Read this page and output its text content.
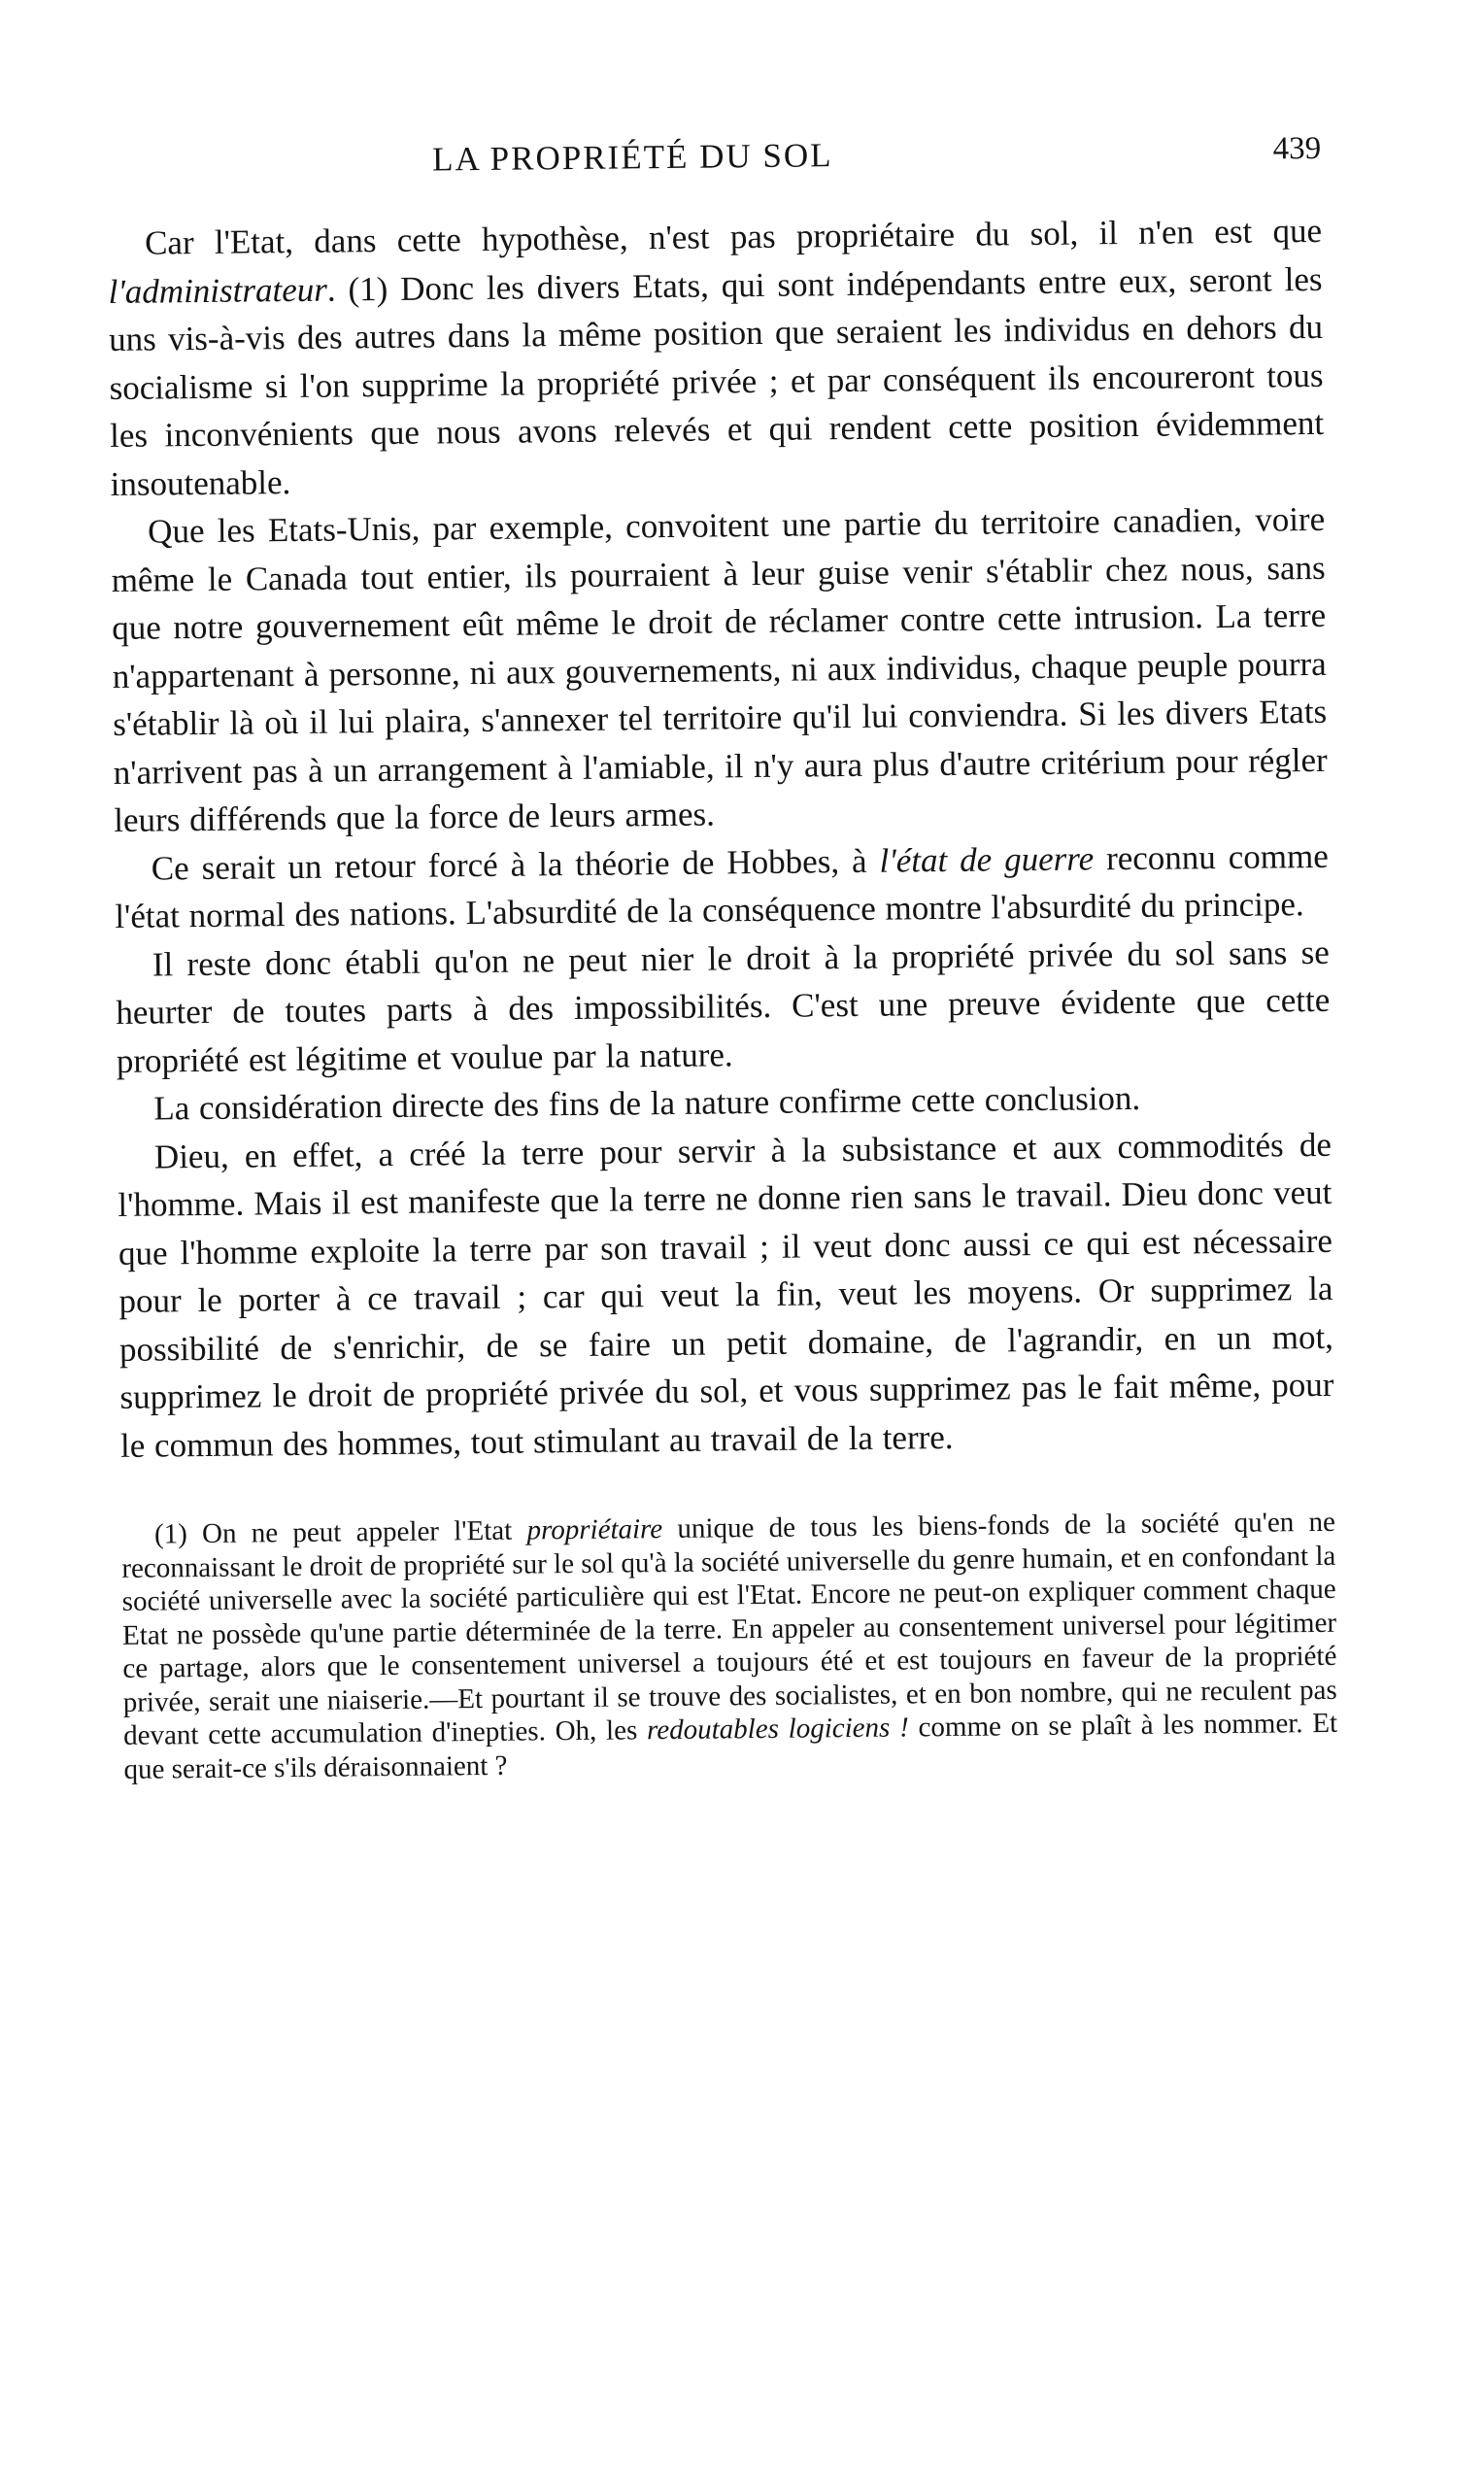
LA PROPRIÉTÉ DU SOL	439

Car l'Etat, dans cette hypothèse, n'est pas propriétaire du sol, il n'en est que l'administrateur. (1) Donc les divers Etats, qui sont indépendants entre eux, seront les uns vis-à-vis des autres dans la même position que seraient les individus en dehors du socialisme si l'on supprime la propriété privée ; et par conséquent ils encoureront tous les inconvénients que nous avons relevés et qui rendent cette position évidemment insoutenable.

Que les Etats-Unis, par exemple, convoitent une partie du territoire canadien, voire même le Canada tout entier, ils pourraient à leur guise venir s'établir chez nous, sans que notre gouvernement eût même le droit de réclamer contre cette intrusion. La terre n'appartenant à personne, ni aux gouvernements, ni aux individus, chaque peuple pourra s'établir là où il lui plaira, s'annexer tel territoire qu'il lui conviendra. Si les divers Etats n'arrivent pas à un arrangement à l'amiable, il n'y aura plus d'autre critérium pour régler leurs différends que la force de leurs armes.

Ce serait un retour forcé à la théorie de Hobbes, à l'état de guerre reconnu comme l'état normal des nations. L'absurdité de la conséquence montre l'absurdité du principe.

Il reste donc établi qu'on ne peut nier le droit à la propriété privée du sol sans se heurter de toutes parts à des impossibilités. C'est une preuve évidente que cette propriété est légitime et voulue par la nature.

La considération directe des fins de la nature confirme cette conclusion.

Dieu, en effet, a créé la terre pour servir à la subsistance et aux commodités de l'homme. Mais il est manifeste que la terre ne donne rien sans le travail. Dieu donc veut que l'homme exploite la terre par son travail ; il veut donc aussi ce qui est nécessaire pour le porter à ce travail ; car qui veut la fin, veut les moyens. Or supprimez la possibilité de s'enrichir, de se faire un petit domaine, de l'agrandir, en un mot, supprimez le droit de propriété privée du sol, et vous supprimez pas le fait même, pour le commun des hommes, tout stimulant au travail de la terre.

(1) On ne peut appeler l'Etat propriétaire unique de tous les biens-fonds de la société qu'en ne reconnaissant le droit de propriété sur le sol qu'à la société universelle du genre humain, et en confondant la société universelle avec la société particulière qui est l'Etat. Encore ne peut-on expliquer comment chaque Etat ne possède qu'une partie déterminée de la terre. En appeler au consentement universel pour légitimer ce partage, alors que le consentement universel a toujours été et est toujours en faveur de la propriété privée, serait une niaiserie.—Et pourtant il se trouve des socialistes, et en bon nombre, qui ne reculent pas devant cette accumulation d'inepties. Oh, les redoutables logiciens ! comme on se plaît à les nommer. Et que serait-ce s'ils déraisonnaient ?
